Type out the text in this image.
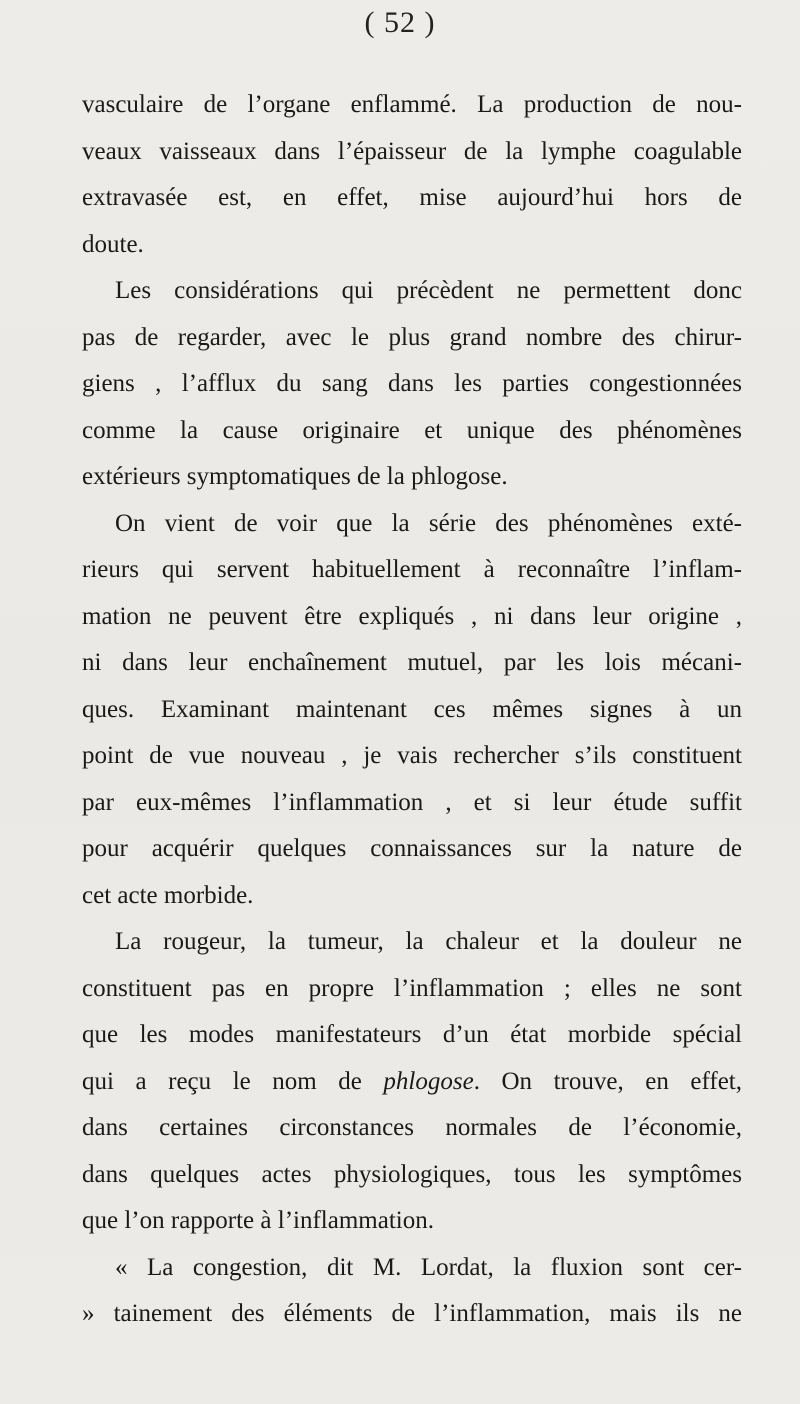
( 52 )
vasculaire de l’organe enflammé. La production de nou-
veaux vaisseaux dans l’épaisseur de la lymphe coagulable
extravasée est, en effet, mise aujourd’hui hors de
doute.
Les considérations qui précèdent ne permettent donc
pas de regarder, avec le plus grand nombre des chirur-
giens , l’afflux du sang dans les parties congestionnées
comme la cause originaire et unique des phénomènes
extérieurs symptomatiques de la phlogose.
On vient de voir que la série des phénomènes exté-
rieurs qui servent habituellement à reconnaître l’inflam-
mation ne peuvent être expliqués , ni dans leur origine ,
ni dans leur enchaînement mutuel, par les lois mécani-
ques. Examinant maintenant ces mêmes signes à un
point de vue nouveau , je vais rechercher s’ils constituent
par eux-mêmes l’inflammation , et si leur étude suffit
pour acquérir quelques connaissances sur la nature de
cet acte morbide.
La rougeur, la tumeur, la chaleur et la douleur ne
constituent pas en propre l’inflammation ; elles ne sont
que les modes manifestateurs d’un état morbide spécial
qui a reçu le nom de phlogose. On trouve, en effet,
dans certaines circonstances normales de l’économie,
dans quelques actes physiologiques, tous les symptômes
que l’on rapporte à l’inflammation.
« La congestion, dit M. Lordat, la fluxion sont cer-
» tainement des éléments de l’inflammation, mais ils ne
